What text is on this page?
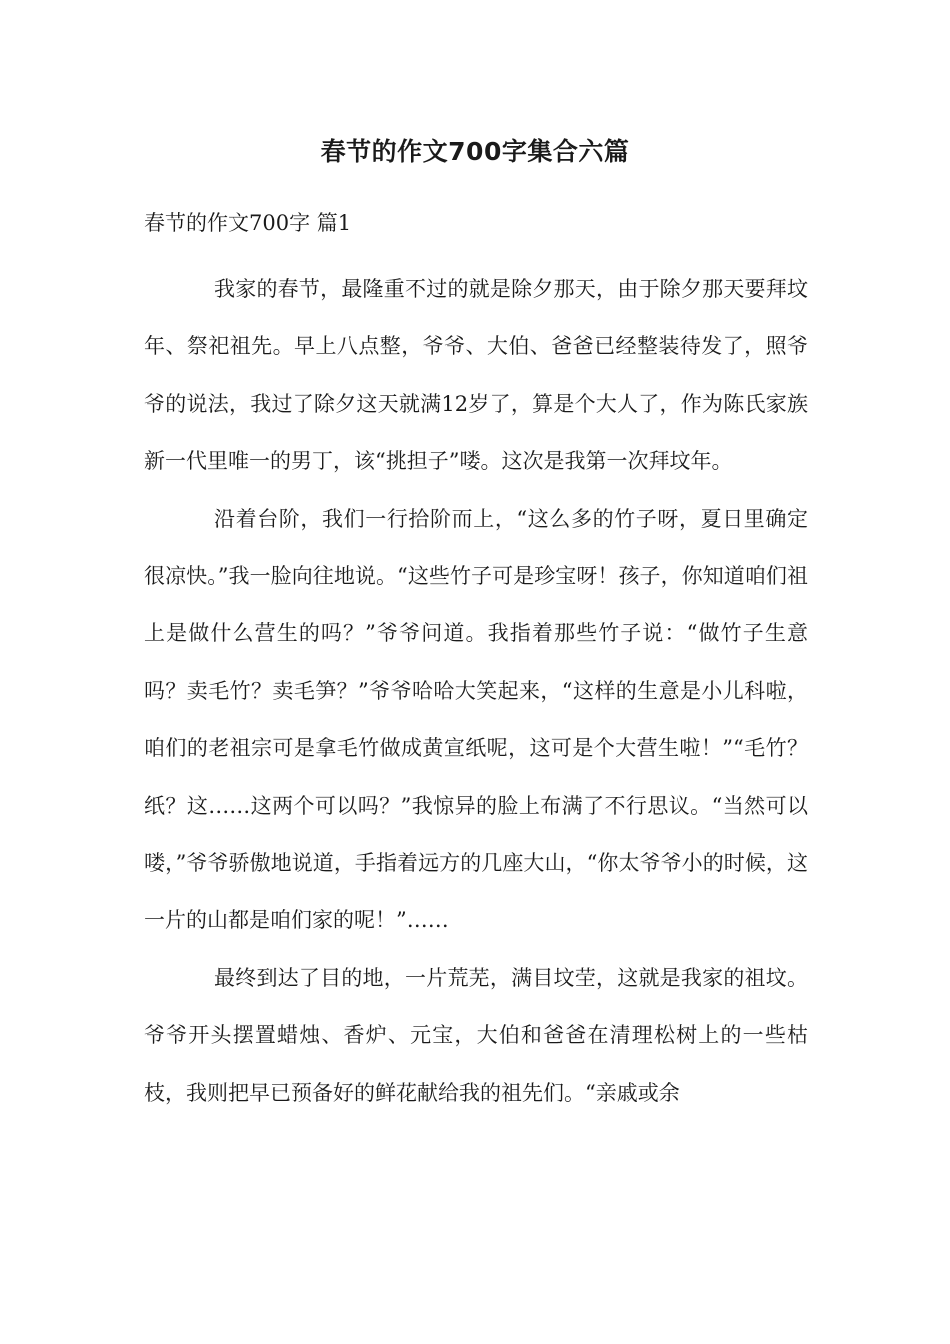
春节的作文700字集合六篇
春节的作文700字 篇1

我家的春节，最隆重不过的就是除夕那天，由于除夕那天要拜坟年、祭祀祖先。早上八点整，爷爷、大伯、爸爸已经整装待发了，照爷爷的说法，我过了除夕这天就满12岁了，算是个大人了，作为陈氏家族新一代里唯一的男丁，该“挑担子”喽。这次是我第一次拜坟年。

沿着台阶，我们一行拾阶而上，“这么多的竹子呀，夏日里确定很凉快。”我一脸向往地说。“这些竹子可是珍宝呀！孩子，你知道咱们祖上是做什么营生的吗？”爷爷问道。我指着那些竹子说：“做竹子生意吗？卖毛竹？卖毛笋？”爷爷哈哈大笑起来，“这样的生意是小儿科啦，咱们的老祖宗可是拿毛竹做成黄宣纸呢，这可是个大营生啦！”“毛竹？纸？这……这两个可以吗？”我惊异的脸上布满了不行思议。“当然可以喽，”爷爷骄傲地说道，手指着远方的几座大山，“你太爷爷小的时候，这一片的山都是咱们家的呢！”……

最终到达了目的地，一片荒芜，满目坟茔，这就是我家的祖坟。爷爷开头摆置蜡烛、香炉、元宝，大伯和爸爸在清理松树上的一些枯枝，我则把早已预备好的鲜花献给我的祖先们。“亲戚或余
